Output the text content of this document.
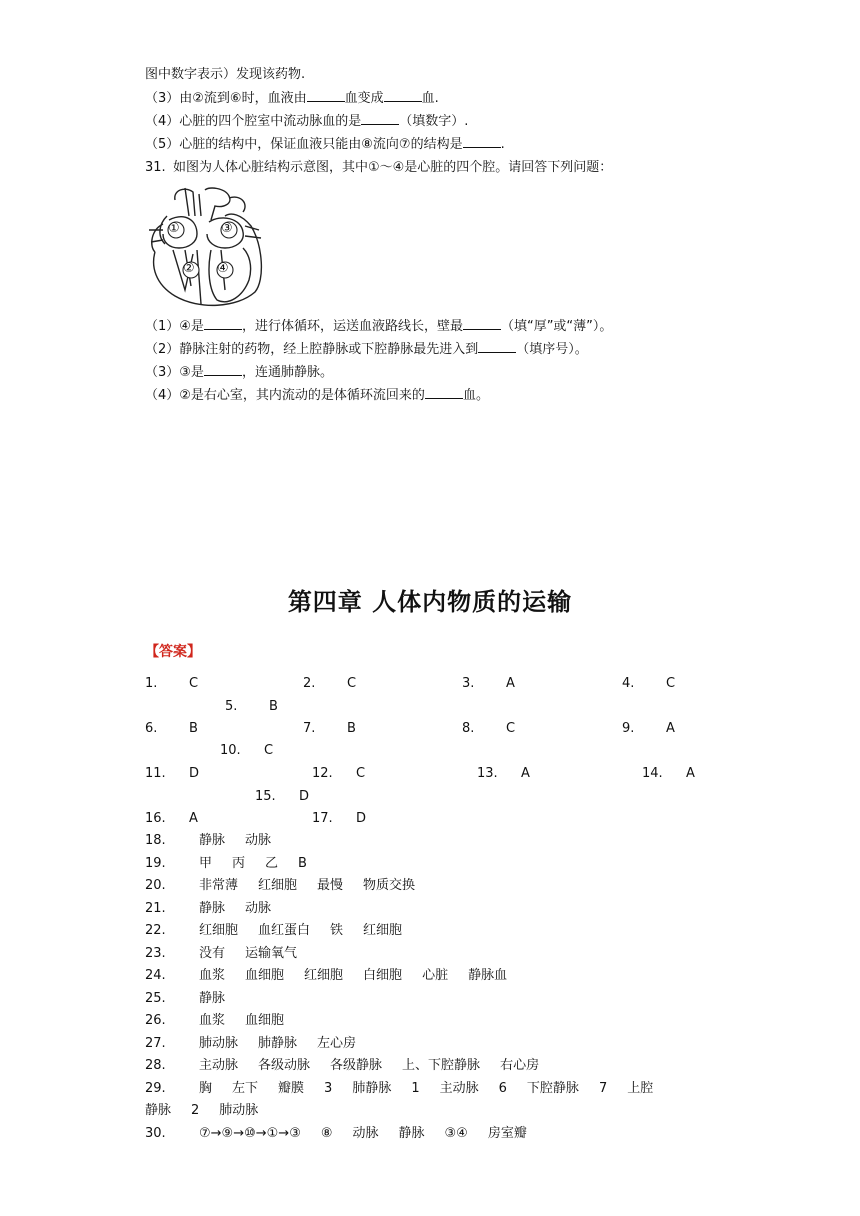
图中数字表示）发现该药物.
（3）由②流到⑥时，血液由	血变成	血.
（4）心脏的四个腔室中流动脉血的是	（填数字）.
（5）心脏的结构中，保证血液只能由⑧流向⑦的结构是	.
31. 如图为人体心脏结构示意图，其中①～④是心脏的四个腔。请回答下列问题：
①
②
③
④
（1）④是	，进行体循环，运送血液路线长，壁最	（填“厚”或“薄”）。
（2）静脉注射的药物，经上腔静脉或下腔静脉最先进入到	（填序号）。
（3）③是	，连通肺静脉。
（4）②是右心室，其内流动的是体循环流回来的	血。
第四章 人体内物质的运输
【答案】
1. C	2. C	3. A	4. C
5. B
6. B	7. B	8. C	9. A
10. C
11. D	12. C	13. A	14. A
15. D
16. A	17. D
18.	静脉 动脉
19.	甲 丙 乙 B
20.	非常薄 红细胞 最慢 物质交换
21.	静脉 动脉
22.	红细胞 血红蛋白 铁 红细胞
23.	没有 运输氧气
24.	血浆 血细胞 红细胞 白细胞 心脏 静脉血
25.	静脉
26.	血浆 血细胞
27.	肺动脉 肺静脉 左心房
28.	主动脉 各级动脉 各级静脉 上、下腔静脉 右心房
29.	胸 左下 瓣膜 3 肺静脉 1 主动脉 6 下腔静脉 7 上腔
静脉 2 肺动脉
30.	⑦→⑨→⑩→①→③ ⑧ 动脉 静脉 ③④ 房室瓣
